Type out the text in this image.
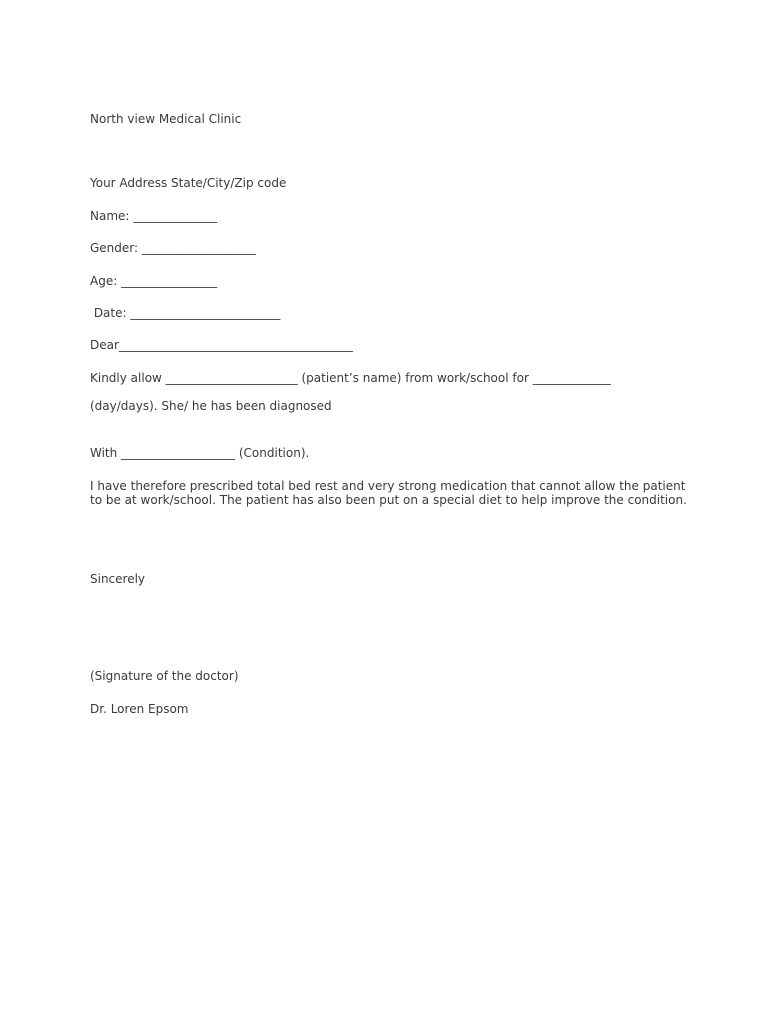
North view Medical Clinic

Your Address State/City/Zip code

Name: ______________

Gender: ___________________

Age: ________________

Date: _________________________

Dear_______________________________________

Kindly allow ______________________ (patient’s name) from work/school for _____________

(day/days). She/ he has been diagnosed

With ___________________ (Condition).

I have therefore prescribed total bed rest and very strong medication that cannot allow the patient to be at work/school. The patient has also been put on a special diet to help improve the condition.

Sincerely

(Signature of the doctor)

Dr. Loren Epsom
